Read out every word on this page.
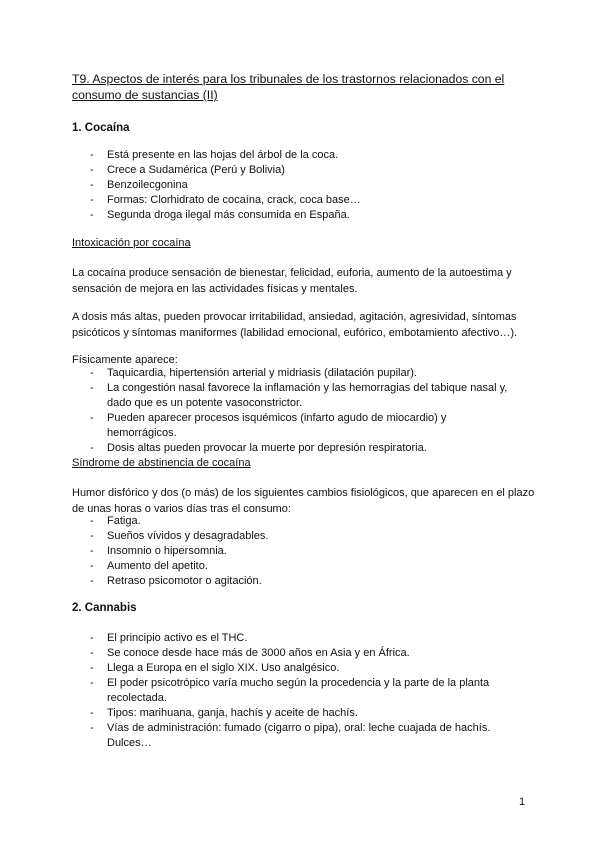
T9. Aspectos de interés para los tribunales de los trastornos relacionados con el consumo de sustancias (II)
1. Cocaína
- Está presente en las hojas del árbol de la coca.
- Crece a Sudamérica (Perú y Bolivia)
- Benzoilecgonina
- Formas: Clorhidrato de cocaína, crack, coca base…
- Segunda droga ilegal más consumida en España.
Intoxicación por cocaína
La cocaína produce sensación de bienestar, felicidad, euforia, aumento de la autoestima y sensación de mejora en las actividades físicas y mentales.
A dosis más altas, pueden provocar irritabilidad, ansiedad, agitación, agresividad, síntomas psicóticos y síntomas maniformes (labilidad emocional, eufórico, embotamiento afectivo…).
Físicamente aparece:
- Taquicardia, hipertensión arterial y midriasis (dilatación pupilar).
- La congestión nasal favorece la inflamación y las hemorragias del tabique nasal y, dado que es un potente vasoconstrictor.
- Pueden aparecer procesos isquémicos (infarto agudo de miocardio) y hemorrágicos.
- Dosis altas pueden provocar la muerte por depresión respiratoria.
Síndrome de abstinencia de cocaína
Humor disfórico y dos (o más) de los siguientes cambios fisiológicos, que aparecen en el plazo de unas horas o varios días tras el consumo:
- Fatiga.
- Sueños vívidos y desagradables.
- Insomnio o hipersomnia.
- Aumento del apetito.
- Retraso psicomotor o agitación.
2. Cannabis
- El principio activo es el THC.
- Se conoce desde hace más de 3000 años en Asia y en África.
- Llega a Europa en el siglo XIX. Uso analgésico.
- El poder psicotrópico varía mucho según la procedencia y la parte de la planta recolectada.
- Tipos: marihuana, ganja, hachís y aceite de hachís.
- Vías de administración: fumado (cigarro o pipa), oral: leche cuajada de hachís. Dulces…
1
